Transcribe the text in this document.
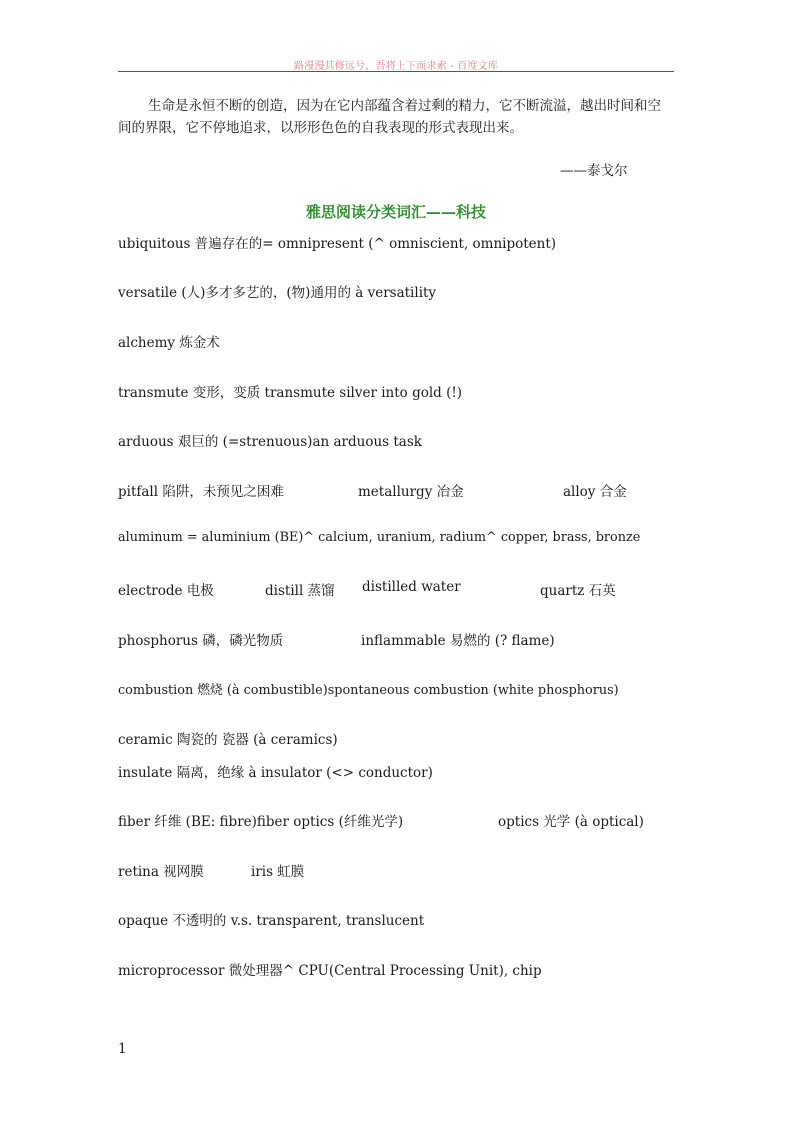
路漫漫其修远兮，吾将上下而求索 - 百度文库
生命是永恒不断的创造，因为在它内部蕴含着过剩的精力，它不断流溢，越出时间和空间的界限，它不停地追求，以形形色色的自我表现的形式表现出来。
——泰戈尔
雅思阅读分类词汇——科技
ubiquitous 普遍存在的= omnipresent (^ omniscient, omnipotent)
versatile (人)多才多艺的，(物)通用的 à versatility
alchemy 炼金术
transmute 变形，变质 transmute silver into gold (!)
arduous 艰巨的 (=strenuous)an arduous task
pitfall 陷阱，未预见之困难	metallurgy 冶金	alloy 合金
aluminum = aluminium (BE)^ calcium, uranium, radium^ copper, brass, bronze
electrode 电极	distill 蒸馏 distilled water	quartz 石英
phosphorus 磷，磷光物质	inflammable 易燃的 (? flame)
combustion 燃烧 (à combustible)spontaneous combustion (white phosphorus)
ceramic 陶瓷的 瓷器 (à ceramics)
insulate 隔离，绝缘 à insulator (<> conductor)
fiber 纤维 (BE: fibre)fiber optics (纤维光学)	optics 光学 (à optical)
retina 视网膜	iris 虹膜
opaque 不透明的 v.s. transparent, translucent
microprocessor 微处理器^ CPU(Central Processing Unit), chip
1
